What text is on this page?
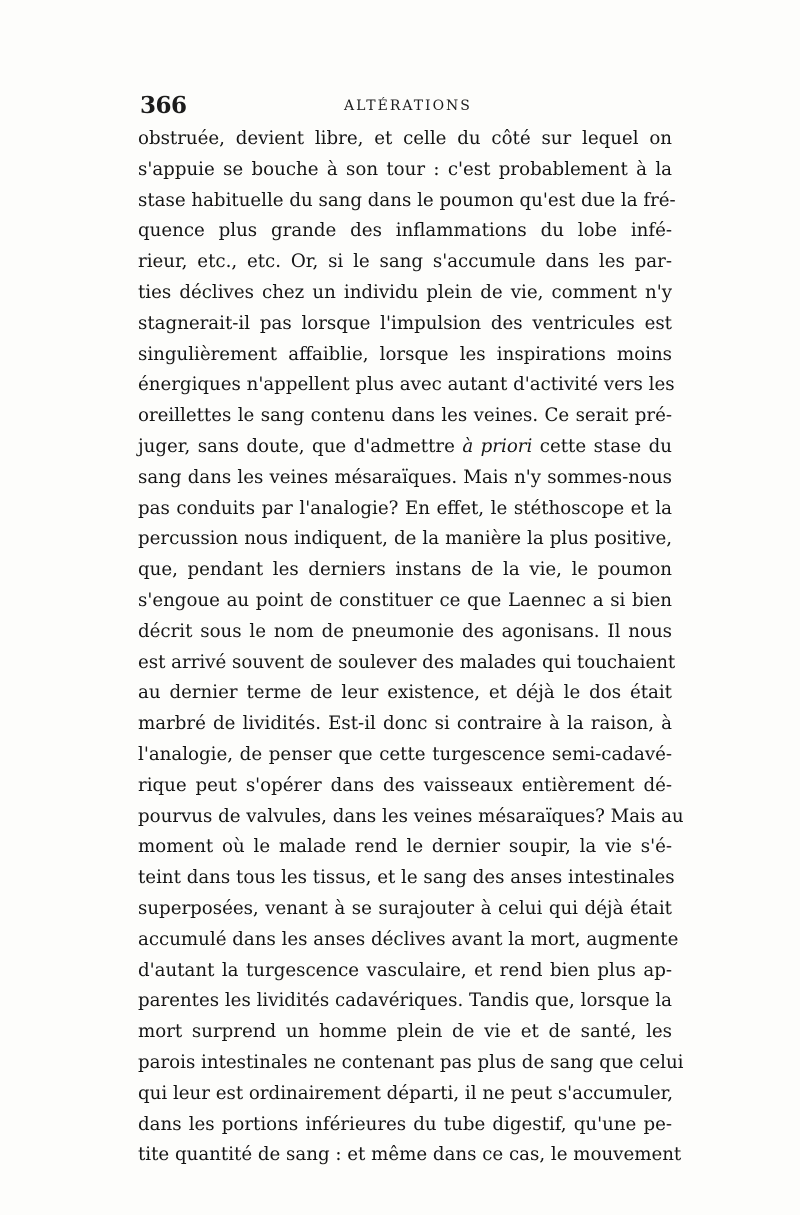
366	ALTÉRATIONS
obstruée, devient libre, et celle du côté sur lequel on
s'appuie se bouche à son tour : c'est probablement à la
stase habituelle du sang dans le poumon qu'est due la fré-
quence plus grande des inflammations du lobe infé-
rieur, etc., etc. Or, si le sang s'accumule dans les par-
ties déclives chez un individu plein de vie, comment n'y
stagnerait-il pas lorsque l'impulsion des ventricules est
singulièrement affaiblie, lorsque les inspirations moins
énergiques n'appellent plus avec autant d'activité vers les
oreillettes le sang contenu dans les veines. Ce serait pré-
juger, sans doute, que d'admettre à priori cette stase du
sang dans les veines mésaraïques. Mais n'y sommes-nous
pas conduits par l'analogie? En effet, le stéthoscope et la
percussion nous indiquent, de la manière la plus positive,
que, pendant les derniers instans de la vie, le poumon
s'engoue au point de constituer ce que Laennec a si bien
décrit sous le nom de pneumonie des agonisans. Il nous
est arrivé souvent de soulever des malades qui touchaient
au dernier terme de leur existence, et déjà le dos était
marbré de lividités. Est-il donc si contraire à la raison, à
l'analogie, de penser que cette turgescence semi-cadavé-
rique peut s'opérer dans des vaisseaux entièrement dé-
pourvus de valvules, dans les veines mésaraïques? Mais au
moment où le malade rend le dernier soupir, la vie s'é-
teint dans tous les tissus, et le sang des anses intestinales
superposées, venant à se surajouter à celui qui déjà était
accumulé dans les anses déclives avant la mort, augmente
d'autant la turgescence vasculaire, et rend bien plus ap-
parentes les lividités cadavériques. Tandis que, lorsque la
mort surprend un homme plein de vie et de santé, les
parois intestinales ne contenant pas plus de sang que celui
qui leur est ordinairement départi, il ne peut s'accumuler,
dans les portions inférieures du tube digestif, qu'une pe-
tite quantité de sang : et même dans ce cas, le mouvement
